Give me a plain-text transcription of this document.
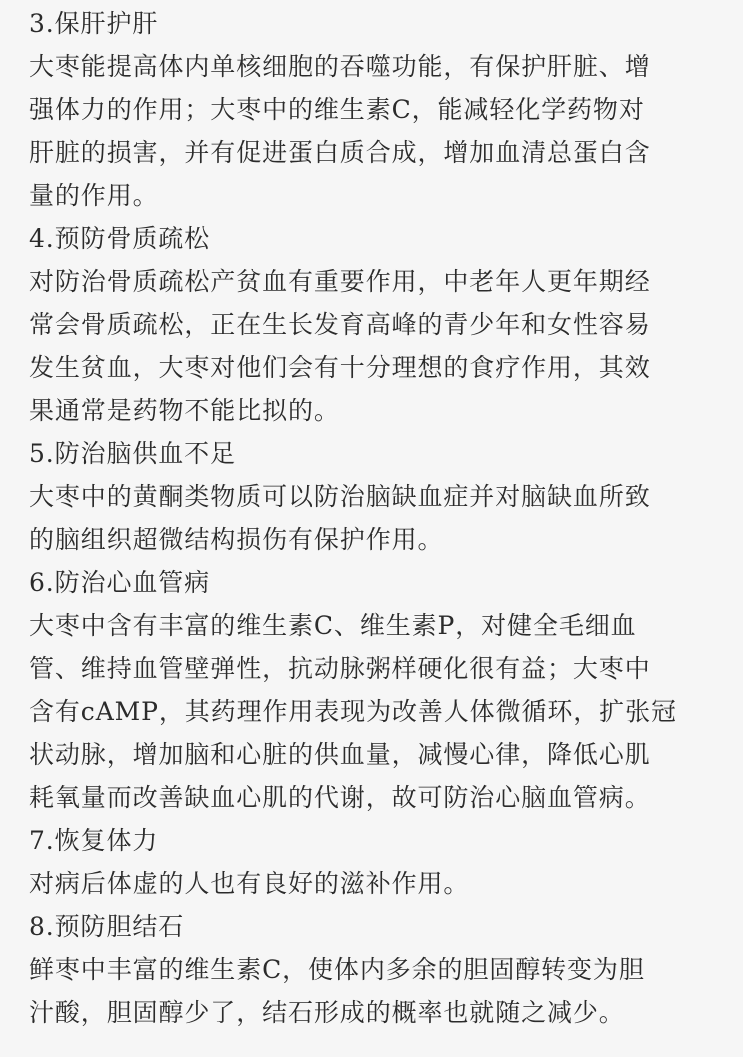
3.保肝护肝

大枣能提高体内单核细胞的吞噬功能，有保护肝脏、增
强体力的作用；大枣中的维生素C，能减轻化学药物对
肝脏的损害，并有促进蛋白质合成，增加血清总蛋白含
量的作用。

4.预防骨质疏松

对防治骨质疏松产贫血有重要作用，中老年人更年期经
常会骨质疏松，正在生长发育高峰的青少年和女性容易
发生贫血，大枣对他们会有十分理想的食疗作用，其效
果通常是药物不能比拟的。

5.防治脑供血不足

大枣中的黄酮类物质可以防治脑缺血症并对脑缺血所致
的脑组织超微结构损伤有保护作用。

6.防治心血管病

大枣中含有丰富的维生素C、维生素P，对健全毛细血
管、维持血管壁弹性，抗动脉粥样硬化很有益；大枣中
含有cAMP，其药理作用表现为改善人体微循环，扩张冠
状动脉，增加脑和心脏的供血量，减慢心律，降低心肌
耗氧量而改善缺血心肌的代谢，故可防治心脑血管病。

7.恢复体力

对病后体虚的人也有良好的滋补作用。

8.预防胆结石

鲜枣中丰富的维生素C，使体内多余的胆固醇转变为胆
汁酸，胆固醇少了，结石形成的概率也就随之减少。
